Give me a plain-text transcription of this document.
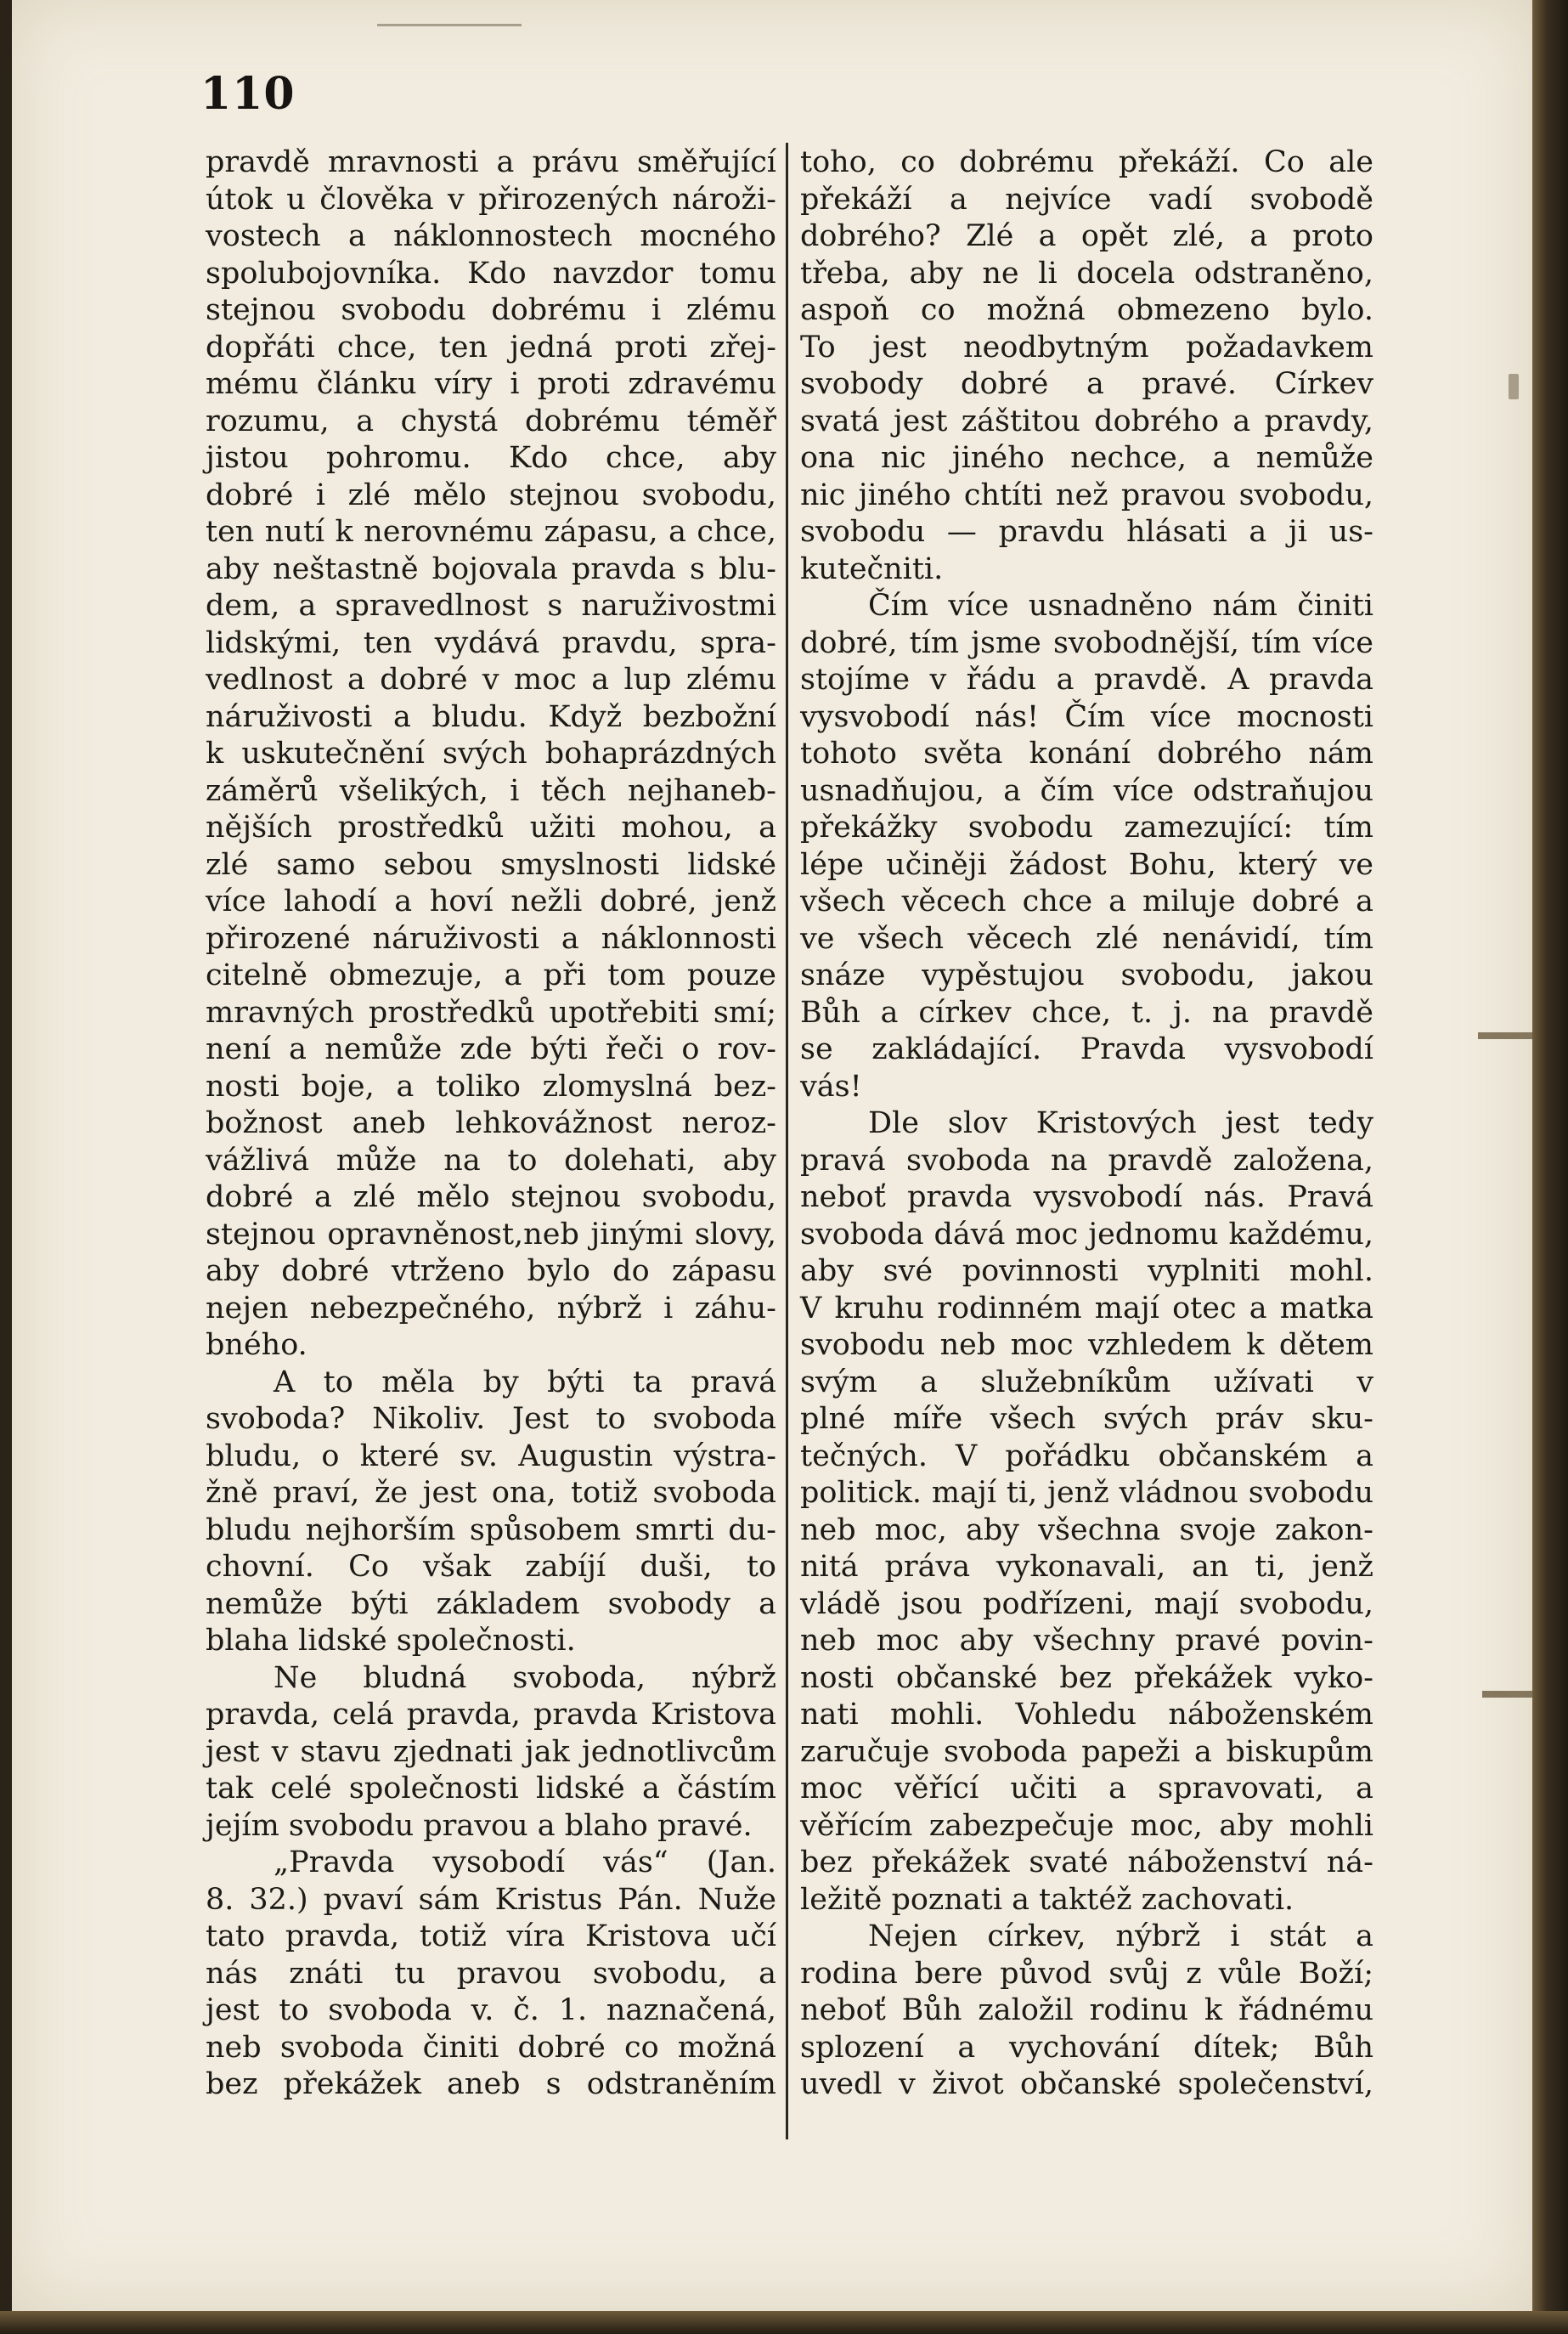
110
pravdě mravnosti a právu směřující
útok u člověka v přirozených nároži-
vostech a náklonnostech mocného
spolubojovníka. Kdo navzdor tomu
stejnou svobodu dobrému i zlému
dopřáti chce, ten jedná proti zřej-
mému článku víry i proti zdravému
rozumu, a chystá dobrému téměř
jistou pohromu. Kdo chce, aby
dobré i zlé mělo stejnou svobodu,
ten nutí k nerovnému zápasu, a chce,
aby neštastně bojovala pravda s blu-
dem, a spravedlnost s naruživostmi
lidskými, ten vydává pravdu, spra-
vedlnost a dobré v moc a lup zlému
náruživosti a bludu. Když bezbožní
k uskutečnění svých bohaprázdných
záměrů všelikých, i těch nejhaneb-
nějších prostředků užiti mohou, a
zlé samo sebou smyslnosti lidské
více lahodí a hoví nežli dobré, jenž
přirozené náruživosti a náklonnosti
citelně obmezuje, a při tom pouze
mravných prostředků upotřebiti smí;
není a nemůže zde býti řeči o rov-
nosti boje, a toliko zlomyslná bez-
božnost aneb lehkovážnost neroz-
vážlivá může na to dolehati, aby
dobré a zlé mělo stejnou svobodu,
stejnou opravněnost,neb jinými slovy,
aby dobré vtrženo bylo do zápasu
nejen nebezpečného, nýbrž i záhu-
bného.
A to měla by býti ta pravá
svoboda? Nikoliv. Jest to svoboda
bludu, o které sv. Augustin výstra-
žně praví, že jest ona, totiž svoboda
bludu nejhorším spůsobem smrti du-
chovní. Co však zabíjí duši, to
nemůže býti základem svobody a
blaha lidské společnosti.
Ne bludná svoboda, nýbrž
pravda, celá pravda, pravda Kristova
jest v stavu zjednati jak jednotlivcům
tak celé společnosti lidské a částím
jejím svobodu pravou a blaho pravé.
„Pravda vysobodí vás“ (Jan.
8. 32.) pvaví sám Kristus Pán. Nuže
tato pravda, totiž víra Kristova učí
nás znáti tu pravou svobodu, a
jest to svoboda v. č. 1. naznačená,
neb svoboda činiti dobré co možná
bez překážek aneb s odstraněním
toho, co dobrému překáží. Co ale
překáží a nejvíce vadí svobodě
dobrého? Zlé a opět zlé, a proto
třeba, aby ne li docela odstraněno,
aspoň co možná obmezeno bylo.
To jest neodbytným požadavkem
svobody dobré a pravé. Církev
svatá jest záštitou dobrého a pravdy,
ona nic jiného nechce, a nemůže
nic jiného chtíti než pravou svobodu,
svobodu — pravdu hlásati a ji us-
kutečniti.
Čím více usnadněno nám činiti
dobré, tím jsme svobodnější, tím více
stojíme v řádu a pravdě. A pravda
vysvobodí nás! Čím více mocnosti
tohoto světa konání dobrého nám
usnadňujou, a čím více odstraňujou
překážky svobodu zamezující: tím
lépe učiněji žádost Bohu, který ve
všech věcech chce a miluje dobré a
ve všech věcech zlé nenávidí, tím
snáze vypěstujou svobodu, jakou
Bůh a církev chce, t. j. na pravdě
se zakládající. Pravda vysvobodí
vás!
Dle slov Kristových jest tedy
pravá svoboda na pravdě založena,
neboť pravda vysvobodí nás. Pravá
svoboda dává moc jednomu každému,
aby své povinnosti vyplniti mohl.
V kruhu rodinném mají otec a matka
svobodu neb moc vzhledem k dětem
svým a služebníkům užívati v
plné míře všech svých práv sku-
tečných. V pořádku občanském a
politick. mají ti, jenž vládnou svobodu
neb moc, aby všechna svoje zakon-
nitá práva vykonavali, an ti, jenž
vládě jsou podřízeni, mají svobodu,
neb moc aby všechny pravé povin-
nosti občanské bez překážek vyko-
nati mohli. Vohledu náboženském
zaručuje svoboda papeži a biskupům
moc věřící učiti a spravovati, a
věřícím zabezpečuje moc, aby mohli
bez překážek svaté náboženství ná-
ležitě poznati a taktéž zachovati.
Nejen církev, nýbrž i stát a
rodina bere původ svůj z vůle Boží;
neboť Bůh založil rodinu k řádnému
splození a vychování dítek; Bůh
uvedl v život občanské společenství,
